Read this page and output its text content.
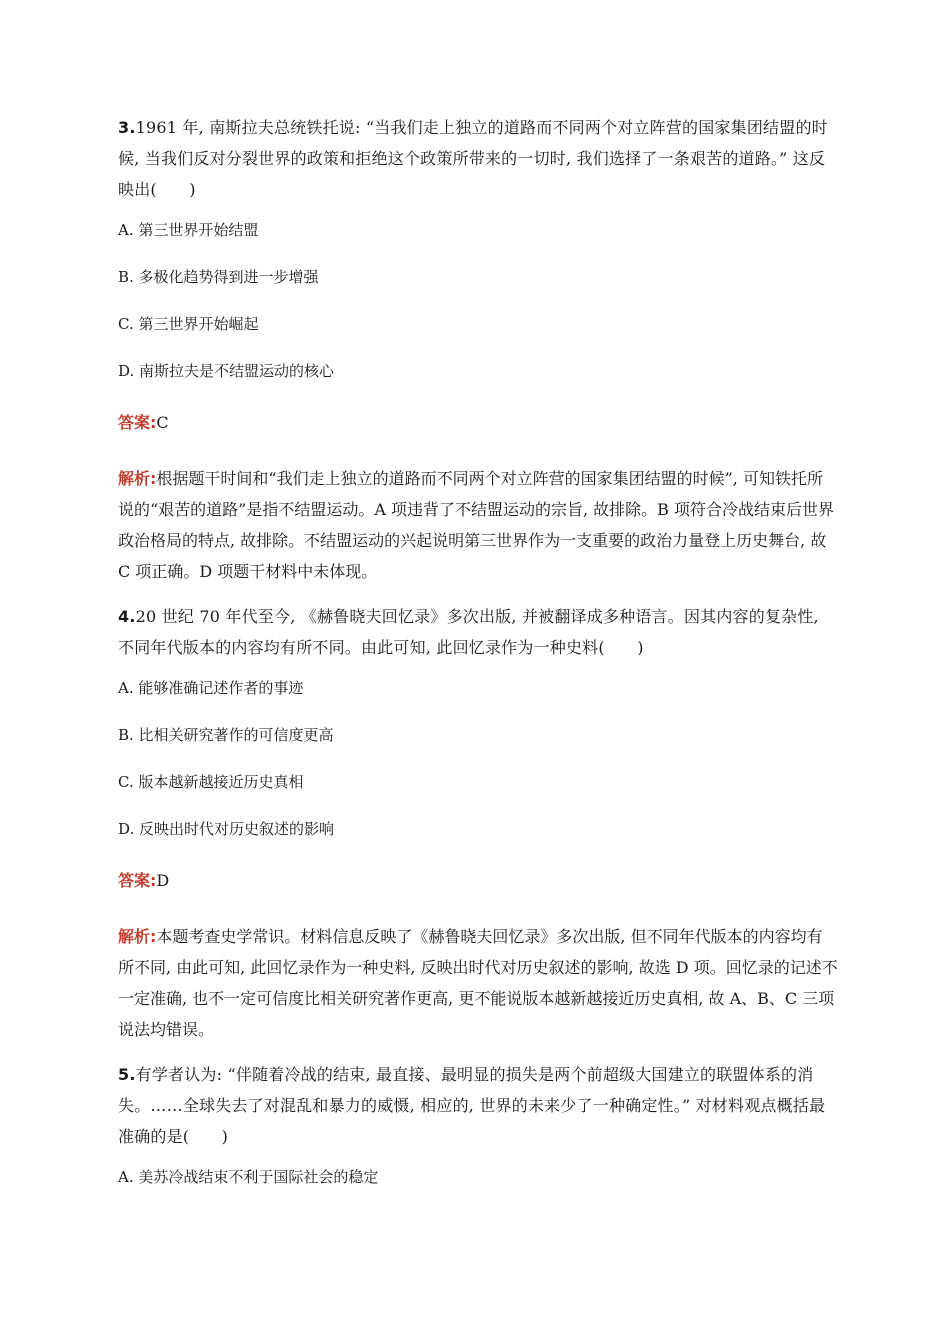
3.1961 年, 南斯拉夫总统铁托说: “当我们走上独立的道路而不同两个对立阵营的国家集团结盟的时候, 当我们反对分裂世界的政策和拒绝这个政策所带来的一切时, 我们选择了一条艰苦的道路。” 这反映出(　　)

A. 第三世界开始结盟

B. 多极化趋势得到进一步增强

C. 第三世界开始崛起

D. 南斯拉夫是不结盟运动的核心

答案:C

解析:根据题干时间和“我们走上独立的道路而不同两个对立阵营的国家集团结盟的时候”, 可知铁托所说的“艰苦的道路”是指不结盟运动。A 项违背了不结盟运动的宗旨, 故排除。B 项符合冷战结束后世界政治格局的特点, 故排除。不结盟运动的兴起说明第三世界作为一支重要的政治力量登上历史舞台, 故 C 项正确。D 项题干材料中未体现。

4.20 世纪 70 年代至今, 《赫鲁晓夫回忆录》多次出版, 并被翻译成多种语言。因其内容的复杂性, 不同年代版本的内容均有所不同。由此可知, 此回忆录作为一种史料(　　)

A. 能够准确记述作者的事迹

B. 比相关研究著作的可信度更高

C. 版本越新越接近历史真相

D. 反映出时代对历史叙述的影响

答案:D

解析:本题考查史学常识。材料信息反映了《赫鲁晓夫回忆录》多次出版, 但不同年代版本的内容均有所不同, 由此可知, 此回忆录作为一种史料, 反映出时代对历史叙述的影响, 故选 D 项。回忆录的记述不一定准确, 也不一定可信度比相关研究著作更高, 更不能说版本越新越接近历史真相, 故 A、B、C 三项说法均错误。

5.有学者认为: “伴随着冷战的结束, 最直接、最明显的损失是两个前超级大国建立的联盟体系的消失。……全球失去了对混乱和暴力的威慑, 相应的, 世界的未来少了一种确定性。” 对材料观点概括最准确的是(　　)

A. 美苏冷战结束不利于国际社会的稳定
